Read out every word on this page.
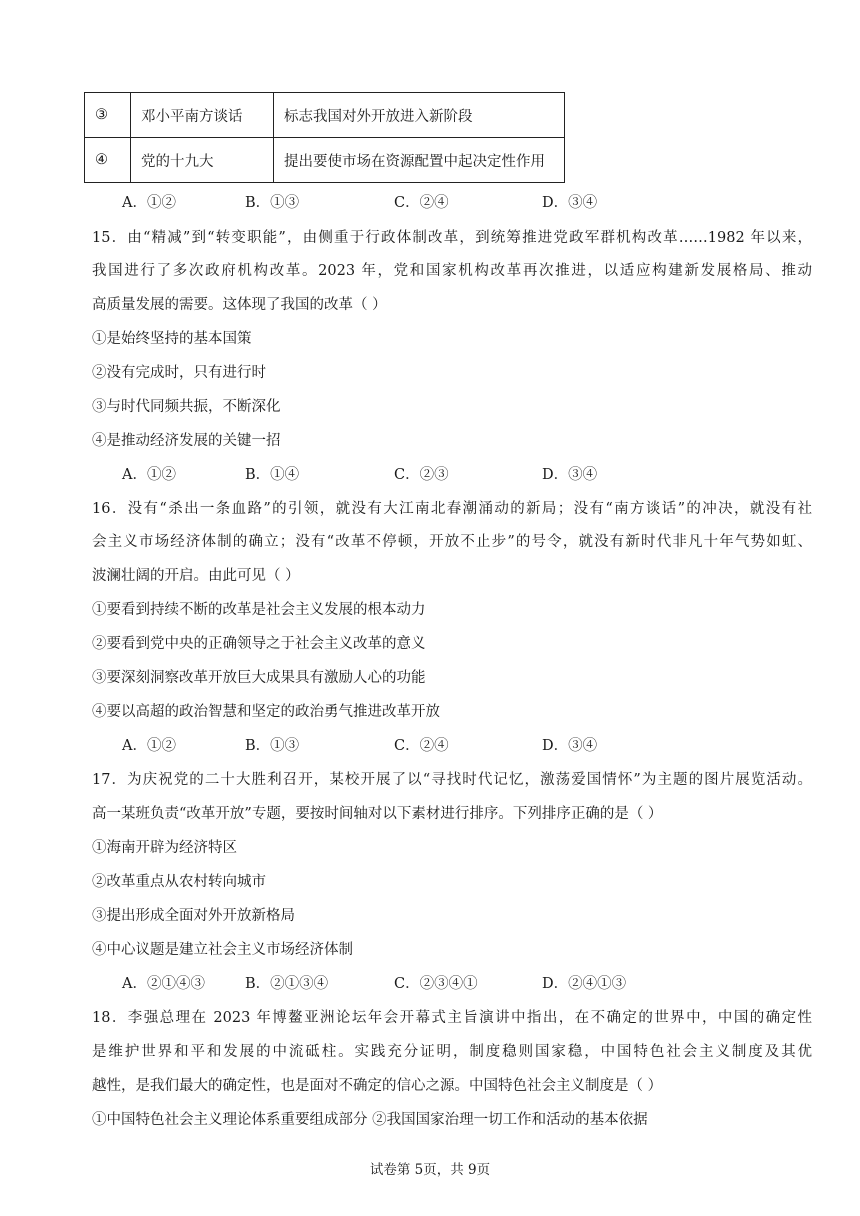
③	邓小平南方谈话	标志我国对外开放进入新阶段
④	党的十九大	提出要使市场在资源配置中起决定性作用
A．①②	B．①③	C．②④	D．③④
15．由“精减”到“转变职能”，由侧重于行政体制改革，到统筹推进党政军群机构改革……1982 年以来，
我国进行了多次政府机构改革。2023 年，党和国家机构改革再次推进，以适应构建新发展格局、推动
高质量发展的需要。这体现了我国的改革（ ）
①是始终坚持的基本国策
②没有完成时，只有进行时
③与时代同频共振，不断深化
④是推动经济发展的关键一招
A．①②	B．①④	C．②③	D．③④
16．没有“杀出一条血路”的引领，就没有大江南北春潮涌动的新局；没有“南方谈话”的冲决，就没有社
会主义市场经济体制的确立；没有“改革不停顿，开放不止步”的号令，就没有新时代非凡十年气势如虹、
波澜壮阔的开启。由此可见（ ）
①要看到持续不断的改革是社会主义发展的根本动力
②要看到党中央的正确领导之于社会主义改革的意义
③要深刻洞察改革开放巨大成果具有激励人心的功能
④要以高超的政治智慧和坚定的政治勇气推进改革开放
A．①②	B．①③	C．②④	D．③④
17．为庆祝党的二十大胜利召开，某校开展了以“寻找时代记忆，激荡爱国情怀”为主题的图片展览活动。
高一某班负责“改革开放”专题，要按时间轴对以下素材进行排序。下列排序正确的是（ ）
①海南开辟为经济特区
②改革重点从农村转向城市
③提出形成全面对外开放新格局
④中心议题是建立社会主义市场经济体制
A．②①④③	B．②①③④	C．②③④①	D．②④①③
18．李强总理在 2023 年博鳌亚洲论坛年会开幕式主旨演讲中指出，在不确定的世界中，中国的确定性
是维护世界和平和发展的中流砥柱。实践充分证明，制度稳则国家稳，中国特色社会主义制度及其优
越性，是我们最大的确定性，也是面对不确定的信心之源。中国特色社会主义制度是（ ）
①中国特色社会主义理论体系重要组成部分 ②我国国家治理一切工作和活动的基本依据
试卷第 5页，共 9页
